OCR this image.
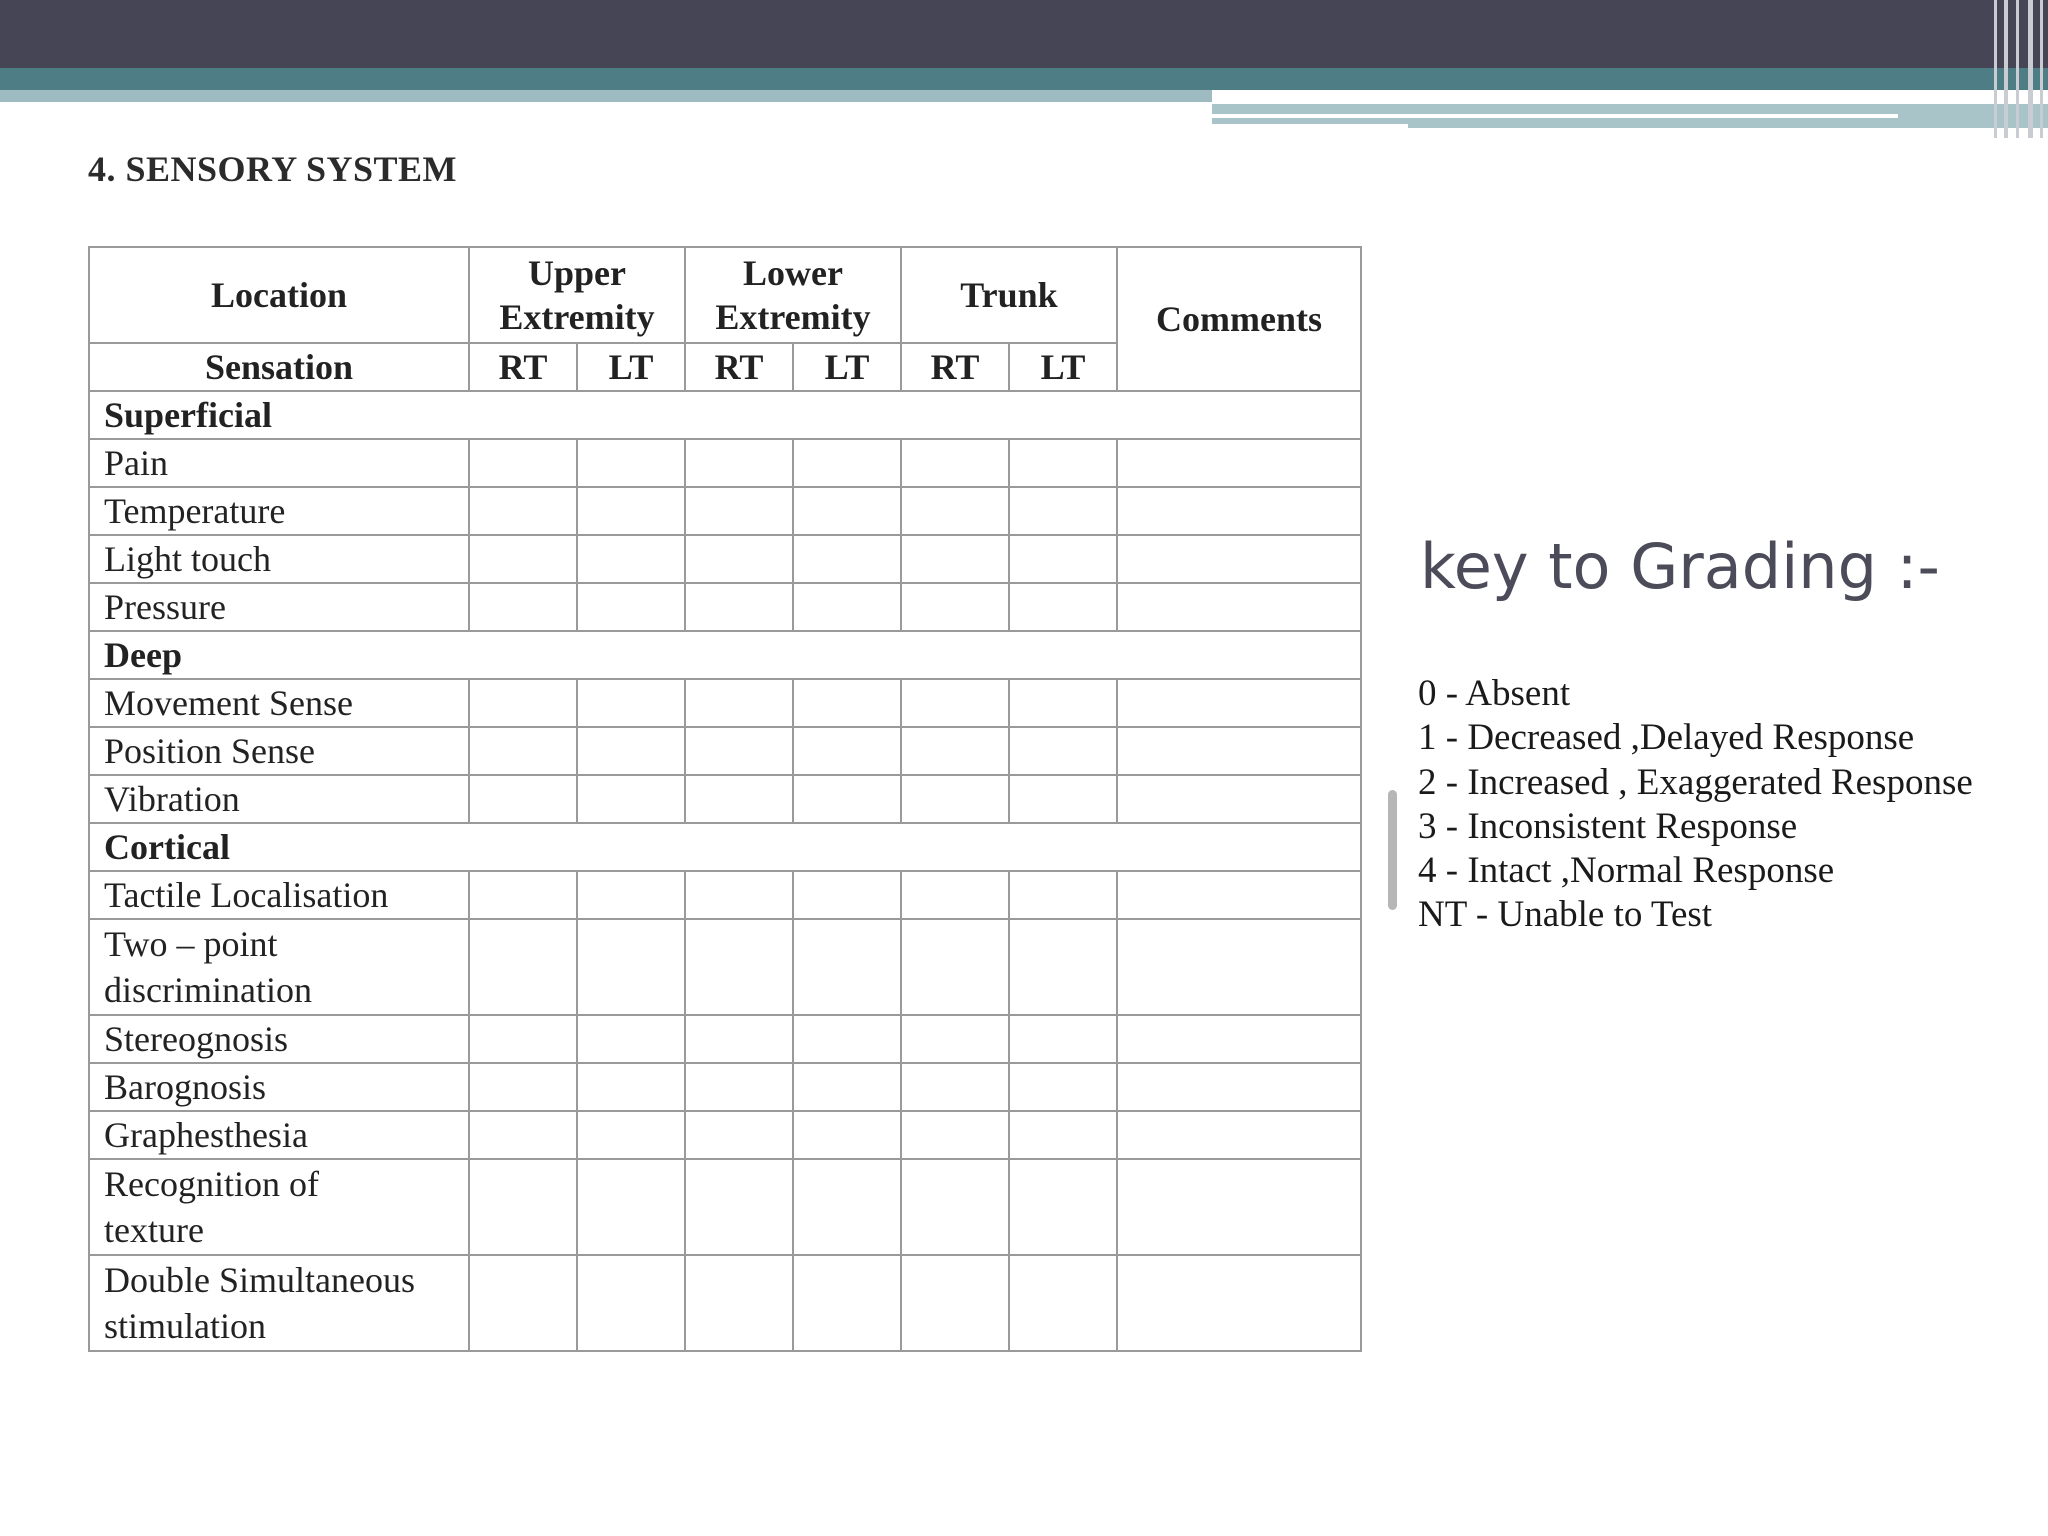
4. SENSORY SYSTEM
Location	Upper Extremity		Lower Extremity		Trunk		Comments
Sensation	RT	LT	RT	LT	RT	LT	
Superficial							
Pain							
Temperature							
Light touch							
Pressure							
Deep							
Movement Sense							
Position Sense							
Vibration							
Cortical							
Tactile Localisation							

Two – point
discrimination							

Stereognosis							
Barognosis							
Graphesthesia							

Recognition of
texture							

Double Simultaneous
stimulation							

key to Grading :-
0 - Absent
1 - Decreased ,Delayed Response
2 - Increased , Exaggerated Response
3 - Inconsistent Response
4 - Intact ,Normal Response
NT - Unable to Test
